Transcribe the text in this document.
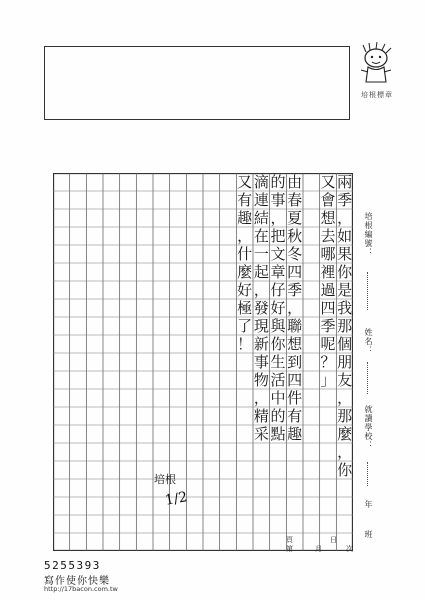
培根標章
兩
季
，
如
果
你
是
我
那
個
朋
友
，
那
麼
，
你
又
會
想
去
哪
裡
過
四
季
呢
？
」
由
春
夏
秋
冬
四
季
，
聯
想
到
四
件
有
趣
的
事
，
把
文
章
仔
好
與
你
生
活
中
的
點
滴
連
結
在
一
起
，
發
現
新
事
物
，
精
采
又
有
趣
，
什
麼
好
極
了
！
培根
1/2
培根編號：
姓名：
就讀學校：
年
班
第
頁
月
日
次
5255393
寫作使你快樂
http://17bacon.com.tw
